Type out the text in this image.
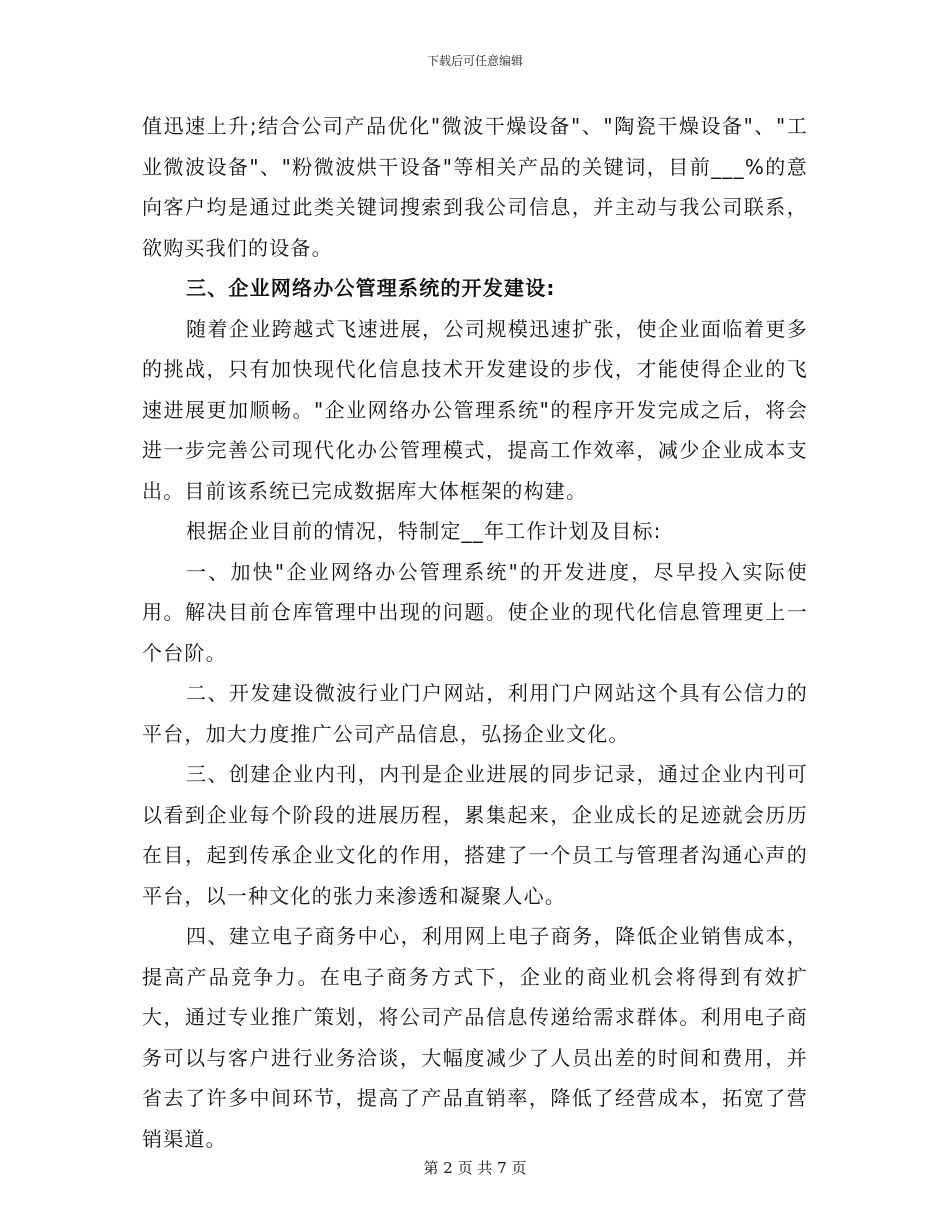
下载后可任意编辑

值迅速上升;结合公司产品优化"微波干燥设备"、"陶瓷干燥设备"、"工业微波设备"、"粉微波烘干设备"等相关产品的关键词，目前___%的意向客户均是通过此类关键词搜索到我公司信息，并主动与我公司联系，欲购买我们的设备。

三、企业网络办公管理系统的开发建设:

随着企业跨越式飞速进展，公司规模迅速扩张，使企业面临着更多的挑战，只有加快现代化信息技术开发建设的步伐，才能使得企业的飞速进展更加顺畅。"企业网络办公管理系统"的程序开发完成之后，将会进一步完善公司现代化办公管理模式，提高工作效率，减少企业成本支出。目前该系统已完成数据库大体框架的构建。

根据企业目前的情况，特制定__年工作计划及目标:

一、加快"企业网络办公管理系统"的开发进度，尽早投入实际使用。解决目前仓库管理中出现的问题。使企业的现代化信息管理更上一个台阶。

二、开发建设微波行业门户网站，利用门户网站这个具有公信力的平台，加大力度推广公司产品信息，弘扬企业文化。

三、创建企业内刊，内刊是企业进展的同步记录，通过企业内刊可以看到企业每个阶段的进展历程，累集起来，企业成长的足迹就会历历在目，起到传承企业文化的作用，搭建了一个员工与管理者沟通心声的平台，以一种文化的张力来渗透和凝聚人心。

四、建立电子商务中心，利用网上电子商务，降低企业销售成本，提高产品竞争力。在电子商务方式下，企业的商业机会将得到有效扩大，通过专业推广策划，将公司产品信息传递给需求群体。利用电子商务可以与客户进行业务洽谈，大幅度减少了人员出差的时间和费用，并省去了许多中间环节，提高了产品直销率，降低了经营成本，拓宽了营销渠道。

第 2 页 共 7 页
